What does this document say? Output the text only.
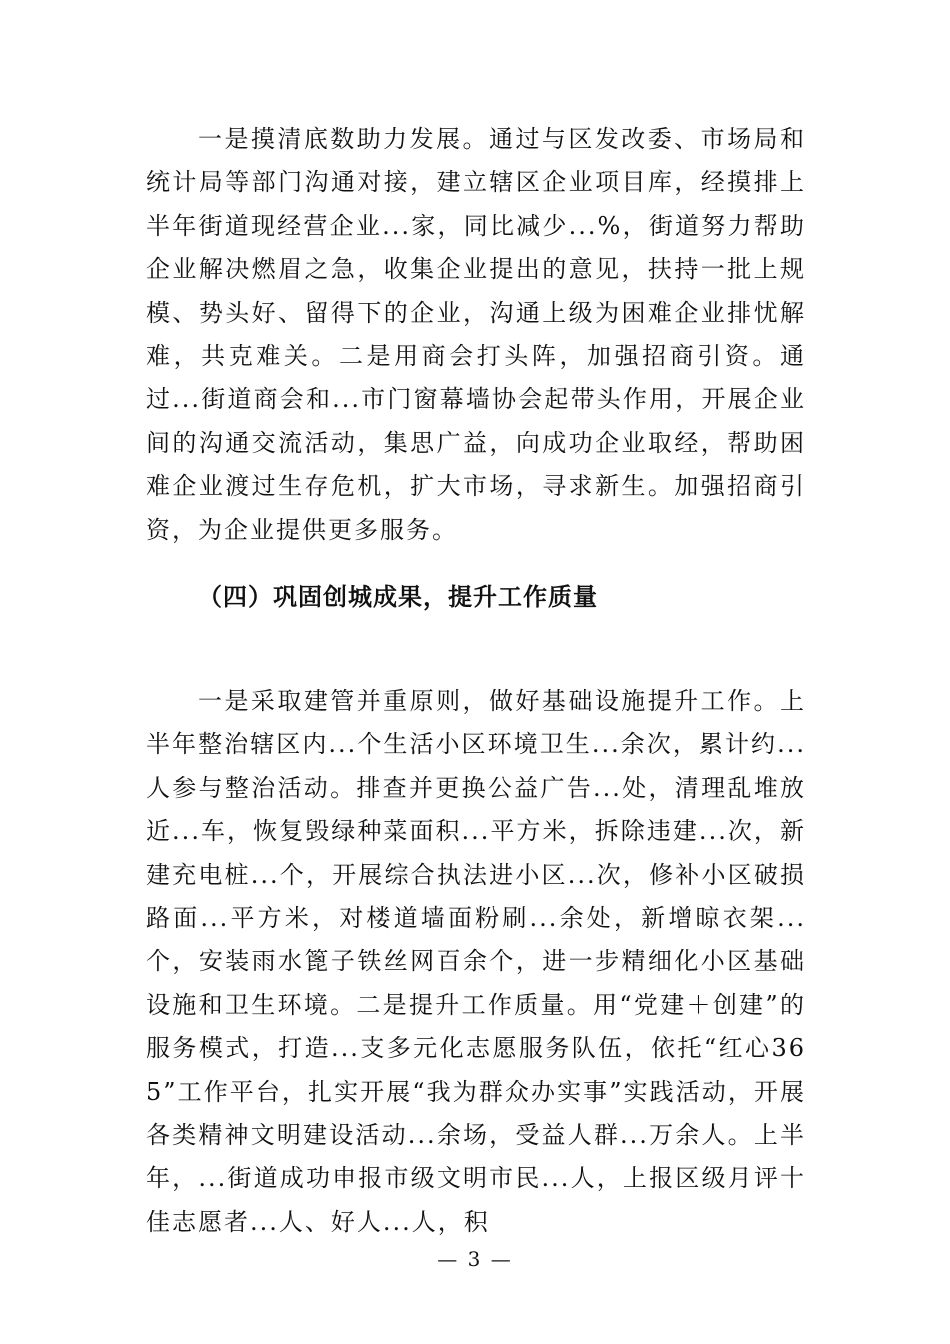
一是摸清底数助力发展。通过与区发改委、市场局和统计局等部门沟通对接，建立辖区企业项目库，经摸排上半年街道现经营企业...家，同比减少...%，街道努力帮助企业解决燃眉之急，收集企业提出的意见，扶持一批上规模、势头好、留得下的企业，沟通上级为困难企业排忧解难，共克难关。二是用商会打头阵，加强招商引资。通过...街道商会和...市门窗幕墙协会起带头作用，开展企业间的沟通交流活动，集思广益，向成功企业取经，帮助困难企业渡过生存危机，扩大市场，寻求新生。加强招商引资，为企业提供更多服务。

（四）巩固创城成果，提升工作质量

一是采取建管并重原则，做好基础设施提升工作。上半年整治辖区内...个生活小区环境卫生...余次，累计约...人参与整治活动。排查并更换公益广告...处，清理乱堆放近...车，恢复毁绿种菜面积...平方米，拆除违建...次，新建充电桩...个，开展综合执法进小区...次，修补小区破损路面...平方米，对楼道墙面粉刷...余处，新增晾衣架...个，安装雨水篦子铁丝网百余个，进一步精细化小区基础设施和卫生环境。二是提升工作质量。用“党建＋创建”的服务模式，打造...支多元化志愿服务队伍，依托“红心365”工作平台，扎实开展“我为群众办实事”实践活动，开展各类精神文明建设活动...余场，受益人群...万余人。上半年，...街道成功申报市级文明市民...人，上报区级月评十佳志愿者...人、好人...人，积

— 3 —
